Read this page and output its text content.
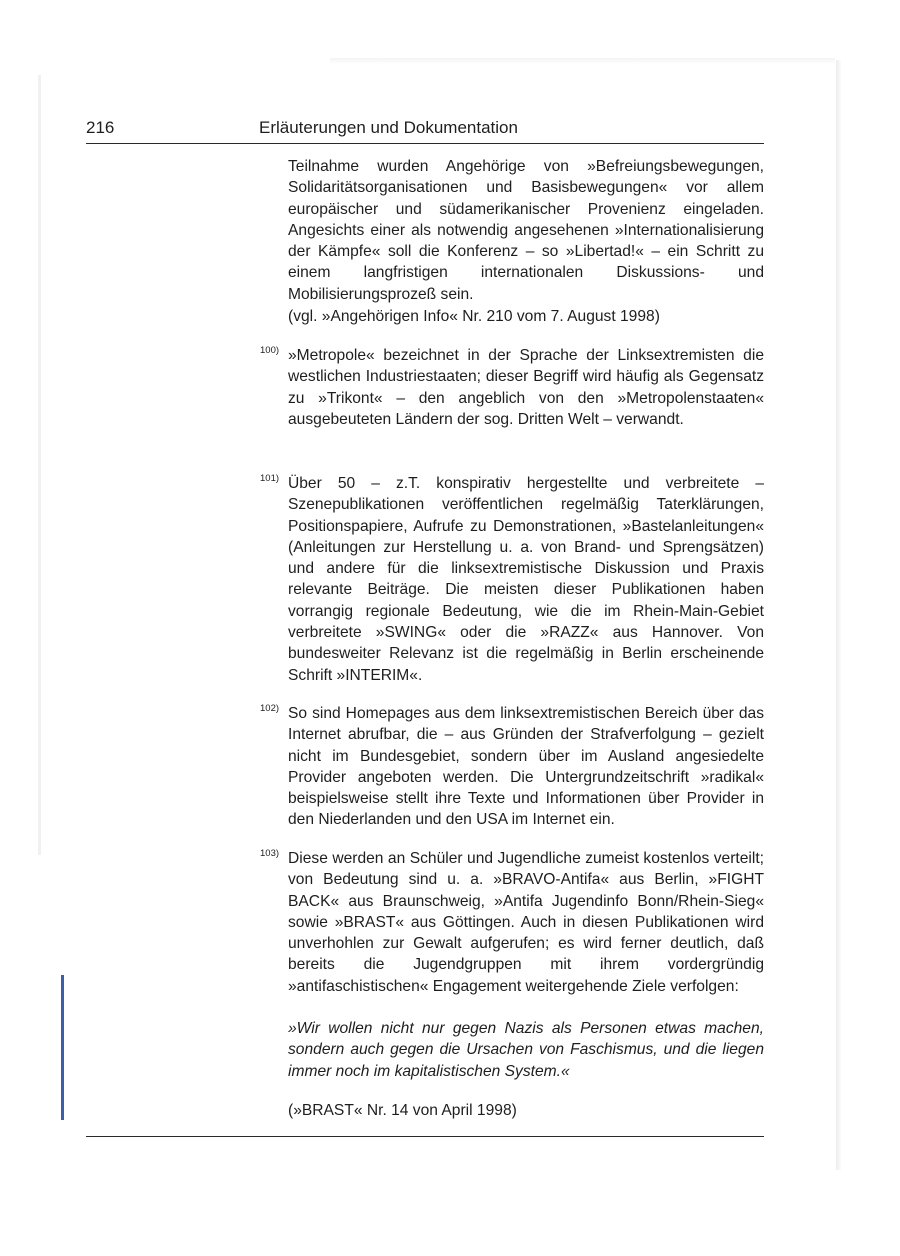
216	Erläuterungen und Dokumentation

Teilnahme wurden Angehörige von »Befreiungsbewegungen, Solidaritätsorganisationen und Basisbewegungen« vor allem europäischer und südamerikanischer Provenienz eingeladen. Angesichts einer als notwendig angesehenen »Internationalisierung der Kämpfe« soll die Konferenz – so »Libertad!« – ein Schritt zu einem langfristigen internationalen Diskussions- und Mobilisierungsprozeß sein.

(vgl. »Angehörigen Info« Nr. 210 vom 7. August 1998)

100) »Metropole« bezeichnet in der Sprache der Linksextremisten die westlichen Industriestaaten; dieser Begriff wird häufig als Gegensatz zu »Trikont« – den angeblich von den »Metropolenstaaten« ausgebeuteten Ländern der sog. Dritten Welt – verwandt.
101) Über 50 – z.T. konspirativ hergestellte und verbreitete – Szenepublikationen veröffentlichen regelmäßig Taterklärungen, Positionspapiere, Aufrufe zu Demonstrationen, »Bastelanleitungen« (Anleitungen zur Herstellung u. a. von Brand- und Sprengsätzen) und andere für die linksextremistische Diskussion und Praxis relevante Beiträge. Die meisten dieser Publikationen haben vorrangig regionale Bedeutung, wie die im Rhein-Main-Gebiet verbreitete »SWING« oder die »RAZZ« aus Hannover. Von bundesweiter Relevanz ist die regelmäßig in Berlin erscheinende Schrift »INTERIM«.
102) So sind Homepages aus dem linksextremistischen Bereich über das Internet abrufbar, die – aus Gründen der Strafverfolgung – gezielt nicht im Bundesgebiet, sondern über im Ausland angesiedelte Provider angeboten werden. Die Untergrundzeitschrift »radikal« beispielsweise stellt ihre Texte und Informationen über Provider in den Niederlanden und den USA im Internet ein.
103) Diese werden an Schüler und Jugendliche zumeist kostenlos verteilt; von Bedeutung sind u. a. »BRAVO-Antifa« aus Berlin, »FIGHT BACK« aus Braunschweig, »Antifa Jugendinfo Bonn/Rhein-Sieg« sowie »BRAST« aus Göttingen. Auch in diesen Publikationen wird unverhohlen zur Gewalt aufgerufen; es wird ferner deutlich, daß bereits die Jugendgruppen mit ihrem vordergründig »antifaschistischen« Engagement weitergehende Ziele verfolgen:

»Wir wollen nicht nur gegen Nazis als Personen etwas machen, sondern auch gegen die Ursachen von Faschismus, und die liegen immer noch im kapitalistischen System.«

(»BRAST« Nr. 14 von April 1998)
